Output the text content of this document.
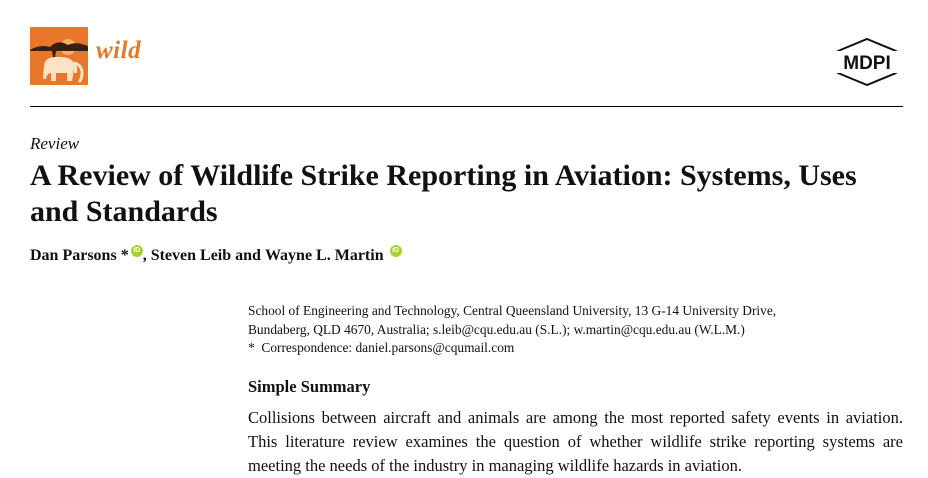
wild	MDPI
Review
A Review of Wildlife Strike Reporting in Aviation: Systems, Uses and Standards
Dan Parsons
* iD , Steven Leib and Wayne L. Martin	iD

School of Engineering and Technology, Central Queensland University, 13 G-14 University Drive,

Bundaberg, QLD 4670, Australia; s.leib@cqu.edu.au (S.L.); w.martin@cqu.edu.au (W.L.M.)

*  Correspondence: daniel.parsons@cqumail.com

Simple Summary

Collisions between aircraft and animals are among the most reported safety events in aviation. This literature review examines the question of whether wildlife strike reporting systems are meeting the needs of the industry in managing wildlife hazards in aviation.
